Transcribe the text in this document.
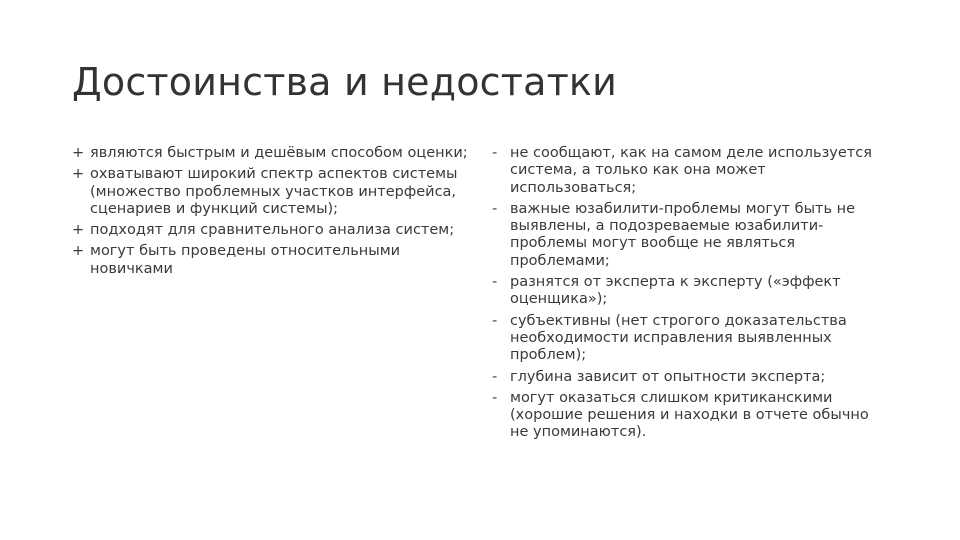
Достоинства и недостатки
+ являются быстрым и дешёвым способом оценки;
+ охватывают широкий спектр аспектов системы (множество проблемных участков интерфейса, сценариев и функций системы);
+ подходят для сравнительного анализа систем;
+ могут быть проведены относительными новичками
- не сообщают, как на самом деле используется система, а только как она может использоваться;
- важные юзабилити-проблемы могут быть не выявлены, а подозреваемые юзабилити-проблемы могут вообще не являться проблемами;
- разнятся от эксперта к эксперту («эффект оценщика»);
- субъективны (нет строгого доказательства необходимости исправления выявленных проблем);
- глубина зависит от опытности эксперта;
- могут оказаться слишком критиканскими (хорошие решения и находки в отчете обычно не упоминаются).
